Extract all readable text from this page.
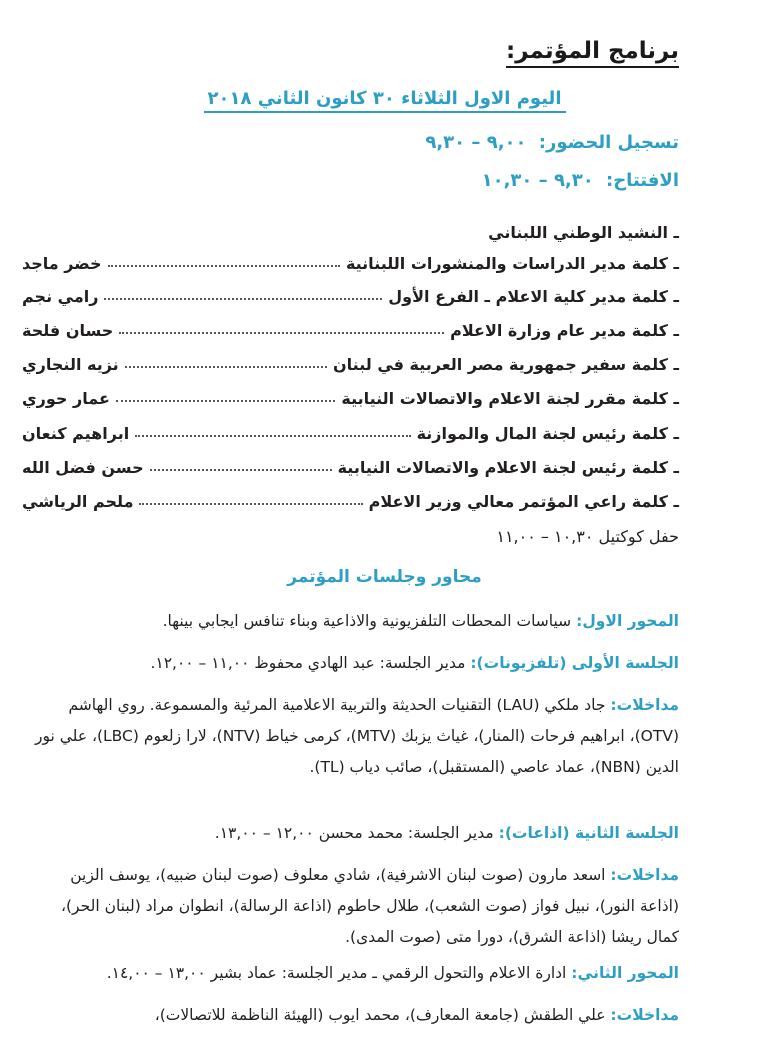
برنامج المؤتمر:
اليوم الاول الثلاثاء ٣٠ كانون الثاني ٢٠١٨
تسجيل الحضور: ٩,٠٠ – ٩,٣٠
الافتتاح: ٩,٣٠ – ١٠,٣٠
ـ النشيد الوطني اللبناني
ـ كلمة مدير الدراسات والمنشورات اللبنانية
خضر ماجد
ـ كلمة مدير كلية الاعلام ـ الفرع الأول
رامي نجم
ـ كلمة مدير عام وزارة الاعلام
حسان فلحة
ـ كلمة سفير جمهورية مصر العربية في لبنان
نزيه النجاري
ـ كلمة مقرر لجنة الاعلام والاتصالات النيابية
عمار حوري
ـ كلمة رئيس لجنة المال والموازنة
ابراهيم كنعان
ـ كلمة رئيس لجنة الاعلام والاتصالات النيابية
حسن فضل الله
ـ كلمة راعي المؤتمر معالي وزير الاعلام
ملحم الرياشي
حفل كوكتيل ١٠,٣٠ – ١١,٠٠
محاور وجلسات المؤتمر
المحور الاول: سياسات المحطات التلفزيونية والاذاعية وبناء تنافس ايجابي بينها.
الجلسة الأولى (تلفزيونات): مدير الجلسة: عبد الهادي محفوظ ١١,٠٠ – ١٢,٠٠.
مداخلات: جاد ملكي (LAU) التقنيات الحديثة والتربية الاعلامية المرئية والمسموعة. روي الهاشم (OTV)، ابراهيم فرحات (المنار)، غياث يزبك (MTV)، كرمى خياط (NTV)، لارا زلعوم (LBC)، علي نور الدين (NBN)، عماد عاصي (المستقبل)، صائب دياب (TL).
الجلسة الثانية (اذاعات): مدير الجلسة: محمد محسن ١٢,٠٠ – ١٣,٠٠.
مداخلات: اسعد مارون (صوت لبنان الاشرفية)، شادي معلوف (صوت لبنان ضبيه)، يوسف الزين (اذاعة النور)، نبيل فواز (صوت الشعب)، طلال حاطوم (اذاعة الرسالة)، انطوان مراد (لبنان الحر)، كمال ريشا (اذاعة الشرق)، دورا متى (صوت المدى).
المحور الثاني: ادارة الاعلام والتحول الرقمي ـ مدير الجلسة: عماد بشير ١٣,٠٠ – ١٤,٠٠.
مداخلات: علي الطقش (جامعة المعارف)، محمد ايوب (الهيئة الناظمة للاتصالات)،
